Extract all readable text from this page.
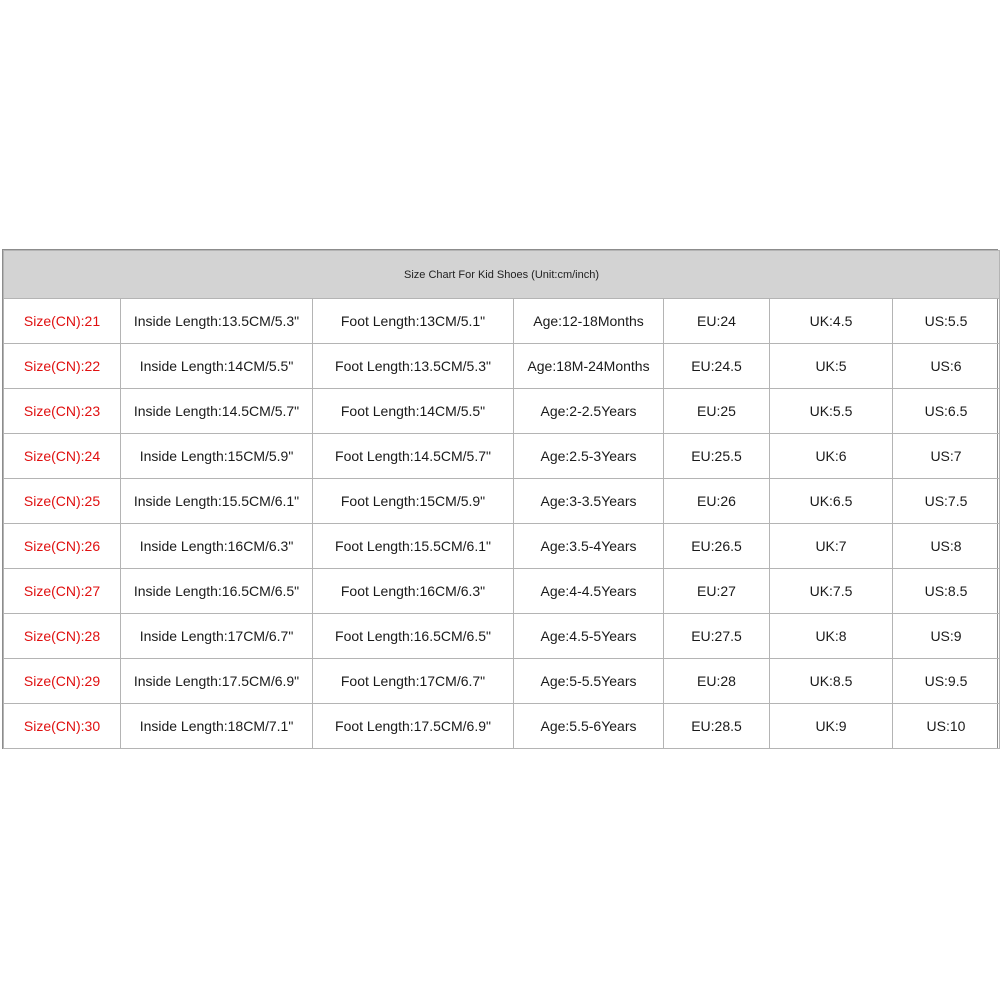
Size Chart For Kid Shoes (Unit:cm/inch)						
Size(CN):21	Inside Length:13.5CM/5.3"	Foot Length:13CM/5.1"	Age:12-18Months	EU:24	UK:4.5	US:5.5
Size(CN):22	Inside Length:14CM/5.5"	Foot Length:13.5CM/5.3"	Age:18M-24Months	EU:24.5	UK:5	US:6
Size(CN):23	Inside Length:14.5CM/5.7"	Foot Length:14CM/5.5"	Age:2-2.5Years	EU:25	UK:5.5	US:6.5
Size(CN):24	Inside Length:15CM/5.9"	Foot Length:14.5CM/5.7"	Age:2.5-3Years	EU:25.5	UK:6	US:7
Size(CN):25	Inside Length:15.5CM/6.1"	Foot Length:15CM/5.9"	Age:3-3.5Years	EU:26	UK:6.5	US:7.5
Size(CN):26	Inside Length:16CM/6.3"	Foot Length:15.5CM/6.1"	Age:3.5-4Years	EU:26.5	UK:7	US:8
Size(CN):27	Inside Length:16.5CM/6.5"	Foot Length:16CM/6.3"	Age:4-4.5Years	EU:27	UK:7.5	US:8.5
Size(CN):28	Inside Length:17CM/6.7"	Foot Length:16.5CM/6.5"	Age:4.5-5Years	EU:27.5	UK:8	US:9
Size(CN):29	Inside Length:17.5CM/6.9"	Foot Length:17CM/6.7"	Age:5-5.5Years	EU:28	UK:8.5	US:9.5
Size(CN):30	Inside Length:18CM/7.1"	Foot Length:17.5CM/6.9"	Age:5.5-6Years	EU:28.5	UK:9	US:10
